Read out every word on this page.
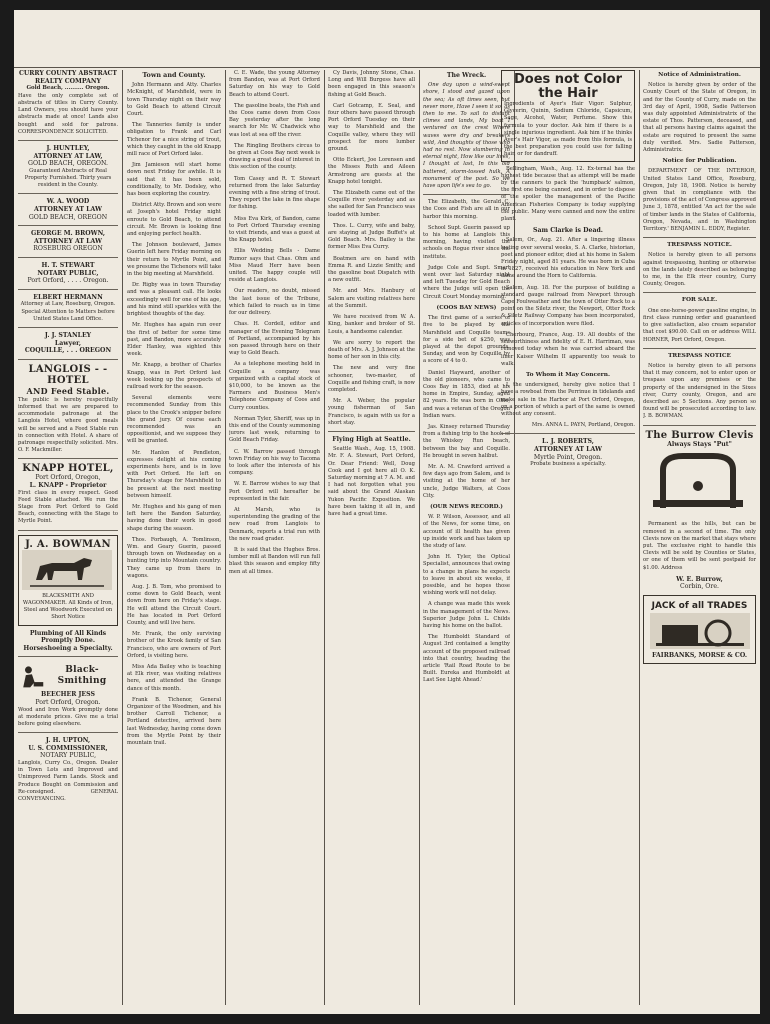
CURRY COUNTY ABSTRACT REALTY COMPANY
Gold Beach, .......... Oregon.
Have the only complete set of abstracts of titles in Curry County. Land Owners, you should have your abstracts made at once! Lands also bought and sold for patrons. CORRESPONDENCE SOLICITED.
J. HUNTLEY,
ATTORNEY AT LAW,
GOLD BEACH, OREGON.
Guaranteed Abstracts of Real Property Furnished. Thirty years resident in the County.
W. A. WOOD
ATTORNEY AT LAW
GOLD BEACH, OREGON
GEORGE M. BROWN,
ATTORNEY AT LAW
ROSEBURG OREGON
H. T. STEWART
NOTARY PUBLIC,
Port Orford, . . . . Oregon.
ELBERT HERMANN
Attorney at Law, Roseburg, Oregon. Special Attention to Matters before United States Land Office.
J. J. STANLEY
Lawyer,
COQUILLE, . . . OREGON
LANGLOIS - - HOTEL
AND Feed Stable.
The public is hereby respectfully informed that we are prepared to accommodate patronage at the Langlois Hotel, where good meals will be served and a Feed Stable run in connection with Hotel. A share of patronage respectfully solicited. Mrs. O. F. Mackmiller.
KNAPP HOTEL,
Port Orford, Oregon,
L. KNAPP - Proprietor
First class in every respect. Good Feed Stable attached. We run the Stage from Port Orford to Gold Beach, connecting with the Stage to Myrtle Point.
J. A. BOWMAN
BLACKSMITH AND WAGONMAKER. All Kinds of Iron, Steel and Woodwork Executed on Short Notice
Plumbing of All Kinds Promptly Done.
Horseshoeing a Specialty.
Black-Smithing
BEECHER JESS
Port Orford, Oregon.
Wood and Iron Work promptly done at moderate prices. Give me a trial before going elsewhere.
J. H. UPTON,
U. S. COMMISSIONER,
NOTARY PUBLIC,
Langlois, Curry Co., Oregon. Dealer in Town Lots and Improved and Unimproved Farm Lands. Stock and Produce Bought on Commission and Re-consigned. GENERAL CONVEYANCING.
Town and County.

John Hermann and Atty. Charles McKnight, of Marshfield, were in town Thursday night on their way to Gold Beach to attend Circuit Court.

The Tanneries family is under obligation to Frank and Carl Tichenor for a nice string of trout, which they caught in the old Knapp mill race of Port Orford lake.

Jim Jamieson will start home down next Friday for awhile. It is said that it has been sold, conditionally, to Mr. Dodsley, who has been exploring the country.

District Atty. Brown and son were at Joseph's hotel Friday night enroute to Gold Beach, to attend circuit. Mr. Brown is looking fine and enjoying perfect health.

The Johnson boulevard, James Guerin left here Friday morning on their return to Myrtle Point, and we presume the Tichenors will take in the big meeting at Marshfield.

Dr. Rigby was in town Thursday and was a pleasant call. He looks exceedingly well for one of his age, and his mind still sparkles with the brightest thoughts of the day.

Mr. Hughes has again run over the first of better for some time past, and Bandon, more accurately Elder Hanley, was sighted this week.

Mr. Knapp, a brother of Charles Knapp, was in Port Orford last week looking up the prospects of railroad work for the season.

Several elements were recommended Sunday from this place to the Crook's snipper before the grand jury. Of course each recommended was an oppositionist, and we suppose they will be granted.

Mr. Hanlon of Pendleton, expresses delight at his coming experiments here, and is in love with Port Orford. He left on Thursday's stage for Marshfield to be present at the next meeting between himself.

Mr. Hughes and his gang of men left here the Bandon Saturday, having done their work in good shape during the season.

Thos. Forbaugh, A. Tomlinson, Wm. and Geary Guerin, passed through town on Wednesday on a hunting trip into Mountain country. They came up from there in wagons.

Aug. J. B. Tom, who promised to come down to Gold Beach, went down from here on Friday's stage. He will attend the Circuit Court. He has located in Port Orford County, and will live here.

Mr. Frank, the only surviving brother of the Krook family of San Francisco, who are owners of Port Orford, is visiting here.

Miss Ada Bailey who is teaching at Elk river, was visiting relatives here, and attended the Grange dance of this month.

Frank B. Tichenor, General Organizer of the Woodmen, and his brother Carroll Tichenor, a Portland detective, arrived here last Wednesday, having come down from the Myrtle Point by their mountain trail.

C. E. Wade, the young Attorney from Bandon, was at Port Orford Saturday on his way to Gold Beach to attend Court.

The gasoline boats, the Fish and the Coos came down from Coos Bay yesterday after the long search for Mr. W. Chadwick who was lost at sea off the river.

The Ringling Brothers circus to be given at Coos Bay next week is drawing a great deal of interest in this section of the county.

Tom Casey and R. T. Stewart returned from the lake Saturday evening with a fine string of trout. They report the lake in fine shape for fishing.

Miss Eva Kirk, of Bandon, came to Port Orford Thursday evening to visit friends, and was a guest at the Knapp hotel.

Ellis Wedding Bells - Dame Rumor says that Chas. Ohm and Miss Maud Herr have been united. The happy couple will reside at Langlois.

Our readers, no doubt, missed the last issue of the Tribune, which failed to reach us in time for our delivery.

Chas. H. Cordell, editor and manager of the Evening Telegram of Portland, accompanied by his son passed through here on their way to Gold Beach.

As a telephone meeting held in Coquille a company was organized with a capital stock of $10,000, to be known as the Farmers and Business Men's Telephone Company of Coos and Curry counties.

Norman Tyler, Sheriff, was up in this end of the County summoning jurors last week, returning to Gold Beach Friday.

C. W. Barrow passed through town Friday on his way to Tacoma to look after the interests of his company.

W. E. Barrow wishes to say that Port Orford will hereafter be represented in the fair.

At Marsh, who is superintending the grading of the new road from Langlois to Denmark, reports a trial run with the new road grader.

It is said that the Hughes Bros. lumber mill at Bandon will run full blast this season and employ fifty men at all times.

Cy Davis, Johnny Stone, Chas. Long and Will Burgess have all been engaged in this season's fishing at Gold Beach.

Carl Gotcamp, E. Seal, and four others have passed through Port Orford Tuesday on their way to Marshfield and the Coquille valley, where they will prospect for more lumber ground.

Otto Eckert, Joe Lorensen and the Misses Ruth and Aileen Armstrong are guests at the Knapp hotel tonight.

The Elizabeth came out of the Coquille river yesterday and as she sailed for San Francisco was loaded with lumber.

Thos. L. Curry, wife and baby, are staying at Judge Buffet's at Gold Beach. Mrs. Bailey is the former Miss Eva Curry.

Boatmen are on hand with Emma R. and Lizzie Smith; and the gasoline boat Dispatch with a new outfit.

Mr. and Mrs. Hanbury of Salem are visiting relatives here at the Summit.

We have received from W. A. King, banker and broker of St. Louis, a handsome calendar.

We are sorry to report the death of Mrs. A. J. Johnson at the home of her son in this city.

The new and very fine schooner, two-master, of Coquille and fishing craft, is now completed.

Mr. A. Weber, the popular young fisherman of San Francisco, is again with us for a short stay.

Flying High at Seattle.

Seattle Wash., Aug. 15, 1908. Mr. F. A. Stewart, Port Orford, Or. Dear Friend: Well, Doug Cook and I got here all O. K. Saturday morning at 7 A. M. and I had not forgotten what you said about the Grand Alaskan Yukon Pacific Exposition. We have been taking it all in, and have had a great time.

The Wreck.

One day upon a wind-swept shore, I stood and gazed upon the sea; As oft times seen, but never more, Have I seen it so, as then to me. To sail to distant climes and lands, My boat I ventured on the crest Where waves were dry and breakers wild, And thoughts of those who had no rest. Now slumbering in eternal night, How like our lives, I thought at last, In this old battered, storm-tossed hulk, A monument of the past. So we have upon life's sea to go.

The Elizabeth, the Gerald C. the Coos and Fish are all in our harbor this morning.

School Supt. Guerin passed up to his home at Langlois this morning, having visited the schools on Rogue river since the institute.

Judge Cole and Supt. Smart went over last Saturday night and left Tuesday for Gold Beach where the Judge will open the Circuit Court Monday morning.

(COOS BAY NEWS)

The first game of a series of five to be played by the Marshfield and Coquille teams for a side bet of $250, was played at the depot grounds, Sunday, and won by Coquille by a score of 4 to 0.

Daniel Hayward, another of the old pioneers, who came to Coos Bay in 1853, died at his home in Empire, Sunday, aged 82 years. He was born in Ohio, and was a veteran of the Oregon Indian wars.

Jas. Kinsey returned Thursday from a fishing trip to the hook of the Whiskey Run beach, between the bay and Coquille. He brought in seven halibut.

Mr. A. M. Crawford arrived a few days ago from Salem, and is visiting at the home of her uncle, Judge Walters, at Coos City.

(OUR NEWS RECORD.)

W. P. Wilson, Assessor, and all of the News, for some time, on account of ill health has given up inside work and has taken up the study of law.

John H. Tyler, the Optical Specialist, announces that owing to a change in plans he expects to leave in about six weeks, if possible, and he hopes those wishing work will not delay.

A change was made this week in the management of the News. Superior Judge John L. Childs having his home on the ballot.

The Humboldt Standard of August 3rd contained a lengthy account of the proposed railroad into that country, heading the article 'Rail Road Route to be Built. Eureka and Humboldt at Last See Light Ahead.'

Does not Color the Hair
Ingredients of Ayer's Hair Vigor: Sulphur, Glycerin, Quinin, Sodium Chloride, Capsicum, Sage, Alcohol, Water, Perfume. Show this formula to your doctor. Ask him if there is a single injurious ingredient. Ask him if he thinks Ayer's Hair Vigor, as made from this formula, is the best preparation you could use for falling hair, or for dandruff.

Bellingham, Wash., Aug. 12. Ex-ternal has the highest tide because that as attempt will be made by the canners to pack the 'humpback' salmon, the first one being canned, and in order to dispose of the spoiler the management of the Pacific American Fisheries Company is today supplying the public. Many were canned and now the entire plant.

Sam Clarke is Dead.

Salem, Or., Aug. 21. After a lingering illness lasting over several weeks, S. A. Clarke, historian, poet and pioneer editor, died at his home in Salem Friday night, aged 81 years. He was born in Cuba in 1827, received his education in New York and came around the Horn to California.

Salem, Aug. 18. For the purpose of building a standard gauge railroad from Newport through Cape Foulweather and the town of Otter Rock to a point on the Siletz river, the Newport, Otter Rock & Siletz Railway Company has been incorporated, articles of incorporation were filed.

Cherbourg, France, Aug. 19. All doubts of the seaworthiness and fidelity of E. H. Harriman, was removed today when he was carried aboard the liner Kaiser Wilhelm II apparently too weak to walk.

To Whom it May Concern.

I, the undersigned, hereby give notice that I have a rowboat from the Perrinue in tidelands and make sale in the Harbor at Port Orford, Oregon, on a portion of which a part of the same is owned without any consent.

Mrs. ANNA L. PAYN, Portland, Oregon.
L. J. ROBERTS,
ATTORNEY AT LAW
Myrtle Point, Oregon.
Probate business a specialty.
Notice of Administration.

Notice is hereby given by order of the County Court of the State of Oregon, in and for the County of Curry, made on the 3rd day of April, 1908, Sadie Patterson was duly appointed Administratrix of the estate of Thos. Patterson, deceased, and that all persons having claims against the estate are required to present the same duly verified. Mrs. Sadie Patterson, Administratrix.

Notice for Publication.

DEPARTMENT OF THE INTERIOR, United States Land Office, Roseburg, Oregon, July 18, 1908. Notice is hereby given that in compliance with the provisions of the act of Congress approved June 3, 1878, entitled 'An act for the sale of timber lands in the States of California, Oregon, Nevada, and in Washington Territory.' BENJAMIN L. EDDY, Register.

TRESPASS NOTICE.

Notice is hereby given to all persons against trespassing, hunting or otherwise on the lands lately described as belonging to me, in the Elk river country, Curry County, Oregon.

FOR SALE.

One one-horse-power gasoline engine, in first class running order and guaranteed to give satisfaction, also cream separator that cost $90.00. Call on or address WILL HORNER, Port Orford, Oregon.

TRESPASS NOTICE

Notice is hereby given to all persons that it may concern, not to enter upon or trespass upon any premises or the property of the undersigned in the Sixes river, Curry county, Oregon, and are described as: 5 Sections. Any person so found will be prosecuted according to law. J. B. BOWMAN.

The Burrow Clevis
Always Stays "Put"

Permanent as the hills, but can be removed in a second of time. The only Clevis now on the market that stays where put. The exclusive right to handle this Clevis will be sold by Counties or States, or one of them will be sent postpaid for $1.00. Address

W. E. Burrow,
Corbin, Ore.
JACK of all TRADES
FAIRBANKS, MORSE & CO.
